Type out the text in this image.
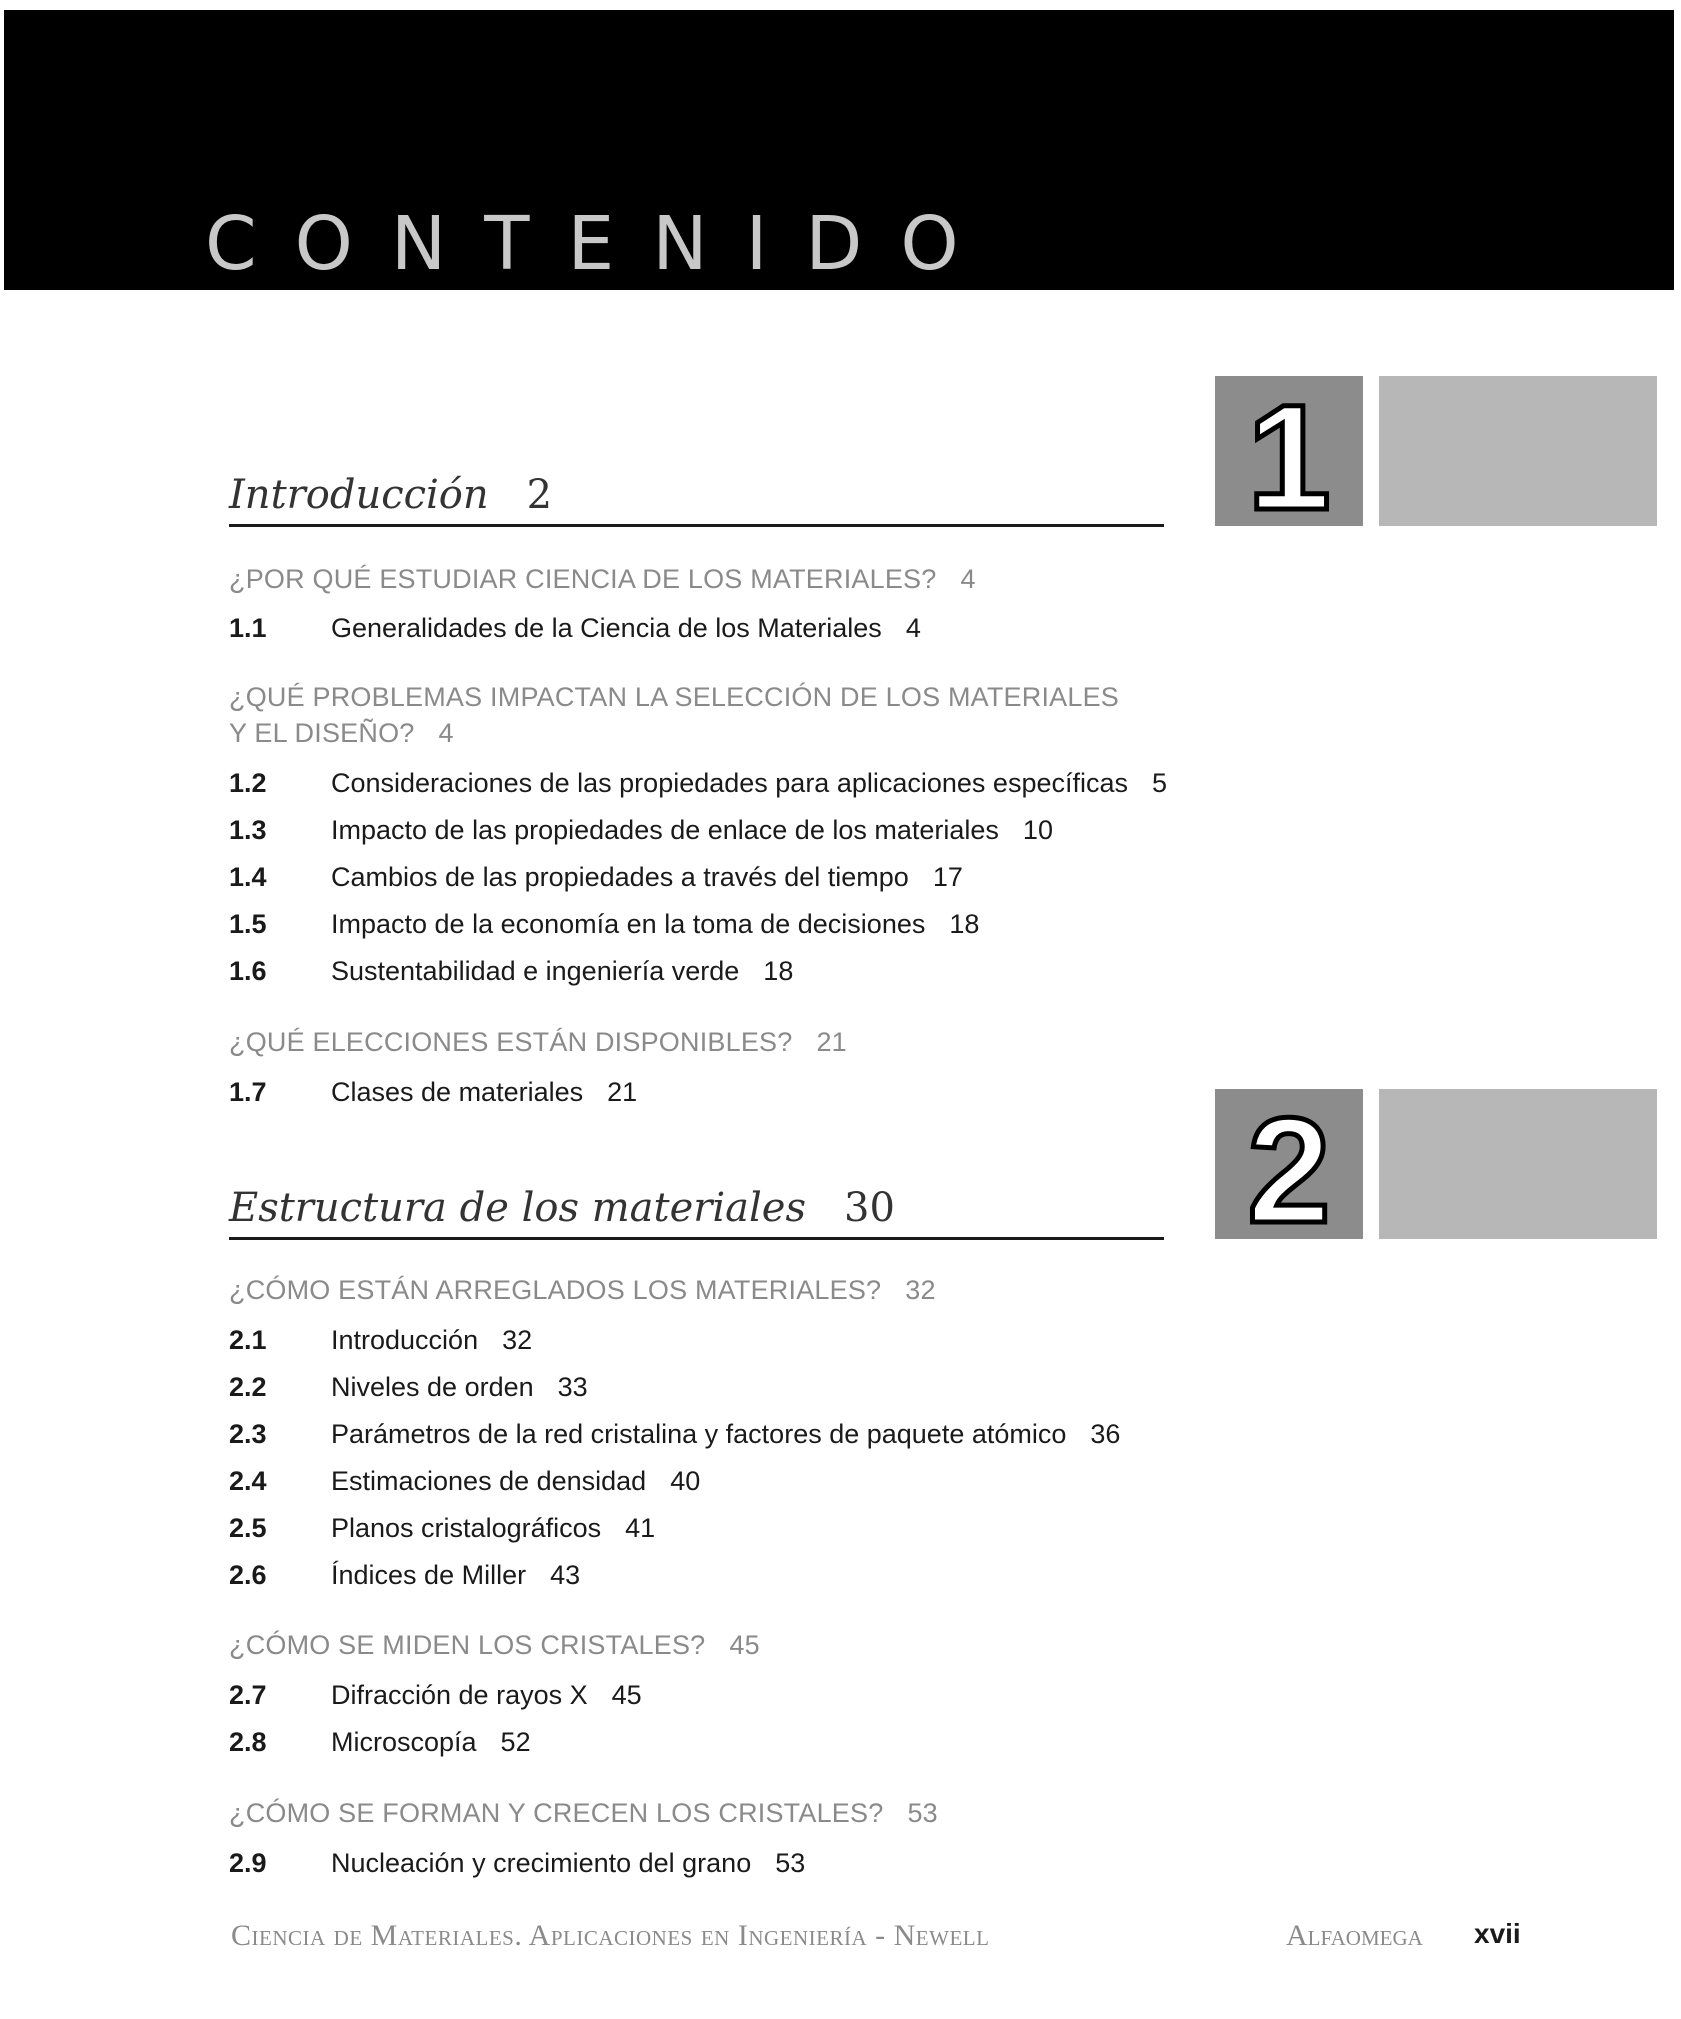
CONTENIDO
1
Introducción 2
¿POR QUÉ ESTUDIAR CIENCIA DE LOS MATERIALES? 4
1.1 Generalidades de la Ciencia de los Materiales 4
¿QUÉ PROBLEMAS IMPACTAN LA SELECCIÓN DE LOS MATERIALES
Y EL DISEÑO? 4
1.2 Consideraciones de las propiedades para aplicaciones específicas 5
1.3 Impacto de las propiedades de enlace de los materiales 10
1.4 Cambios de las propiedades a través del tiempo 17
1.5 Impacto de la economía en la toma de decisiones 18
1.6 Sustentabilidad e ingeniería verde 18
¿QUÉ ELECCIONES ESTÁN DISPONIBLES? 21
1.7 Clases de materiales 21	2
Estructura de los materiales 30
¿CÓMO ESTÁN ARREGLADOS LOS MATERIALES? 32
2.1 Introducción 32
2.2 Niveles de orden 33
2.3 Parámetros de la red cristalina y factores de paquete atómico 36
2.4 Estimaciones de densidad 40
2.5 Planos cristalográficos 41
2.6 Índices de Miller 43
¿CÓMO SE MIDEN LOS CRISTALES? 45
2.7 Difracción de rayos X 45
2.8 Microscopía 52
¿CÓMO SE FORMAN Y CRECEN LOS CRISTALES? 53
2.9 Nucleación y crecimiento del grano 53
Ciencia de Materiales. Aplicaciones en Ingeniería - Newell	Alfaomega xvii
